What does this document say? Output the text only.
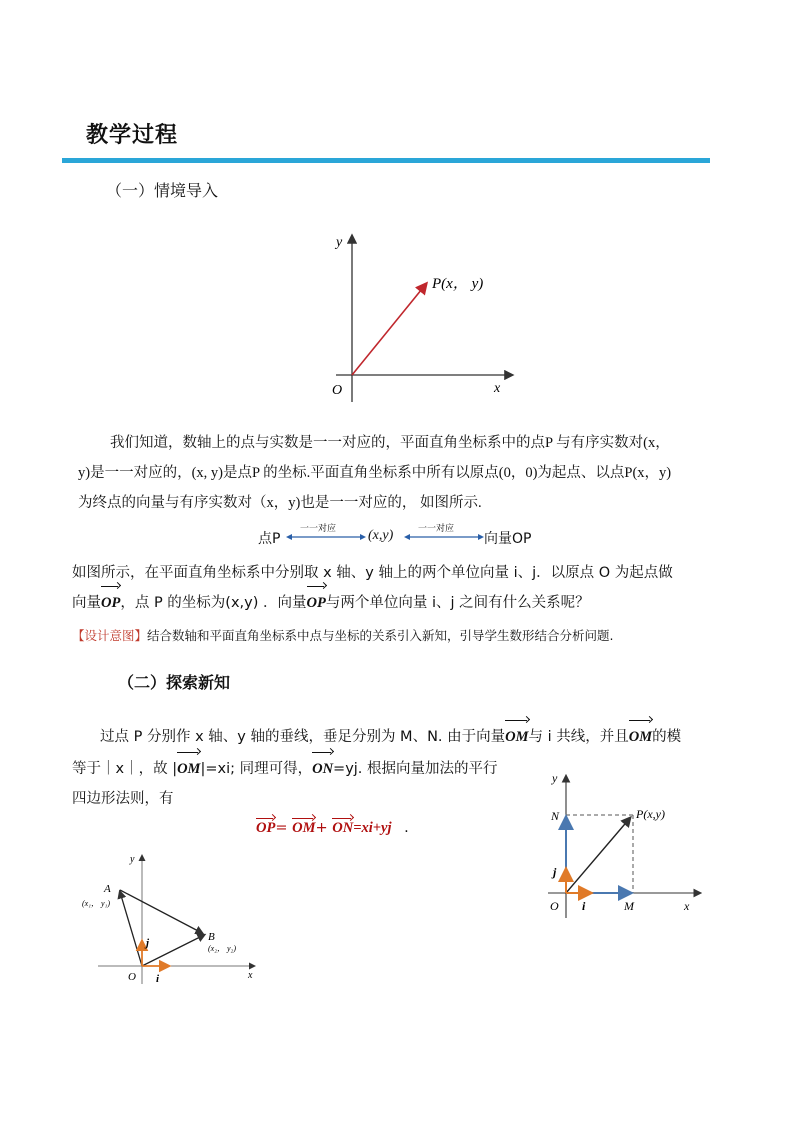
教学过程
（一）情境导入
y
x
O
P(x， y)
我们知道，数轴上的点与实数是一一对应的，平面直角坐标系中的点P 与有序实数对(x，
y)是一一对应的，(x, y)是点P 的坐标.平面直角坐标系中所有以原点(0，0)为起点、以点P(x，y)
为终点的向量与有序实数对（x，y)也是一一对应的， 如图所示.
点P
一一对应 (x,y)	一一对应
向量OP
如图所示，在平面直角坐标系中分别取 x 轴、y 轴上的两个单位向量 i、j．以原点 O 为起点做
向量OP，点 P 的坐标为(x,y) ．向量OP与两个单位向量 i、j 之间有什么关系呢？
【设计意图】结合数轴和平面直角坐标系中点与坐标的关系引入新知，引导学生数形结合分析问题.
（二）探索新知
过点 P 分别作 x 轴、y 轴的垂线，垂足分别为 M、N. 由于向量OM与 i 共线，并且OM的模
等于｜x｜，故 |OM|=xi; 同理可得，ON=yj. 根据向量加法的平行
四边形法则，有
OP= OM+ ON=xi+yj .
y
x
O
P(x,y)
N
M
i
j
y
x
O
A
(x₁， y₁)
B
(x₂， y₂)
i
j
